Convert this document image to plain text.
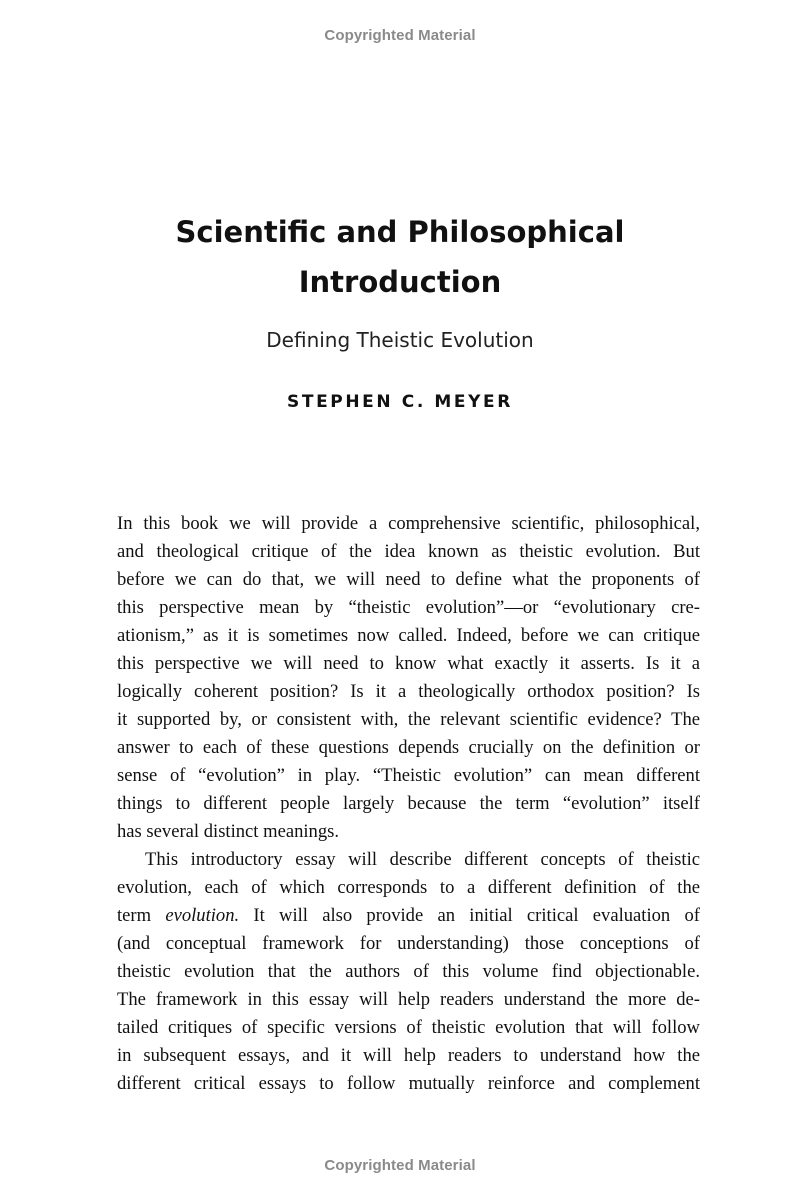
Copyrighted Material
Scientific and Philosophical
Introduction
Defining Theistic Evolution
STEPHEN C. MEYER
In this book we will provide a comprehensive scientific, philosophical,
and theological critique of the idea known as theistic evolution. But
before we can do that, we will need to define what the proponents of
this perspective mean by “theistic evolution”—or “evolutionary cre-
ationism,” as it is sometimes now called. Indeed, before we can critique
this perspective we will need to know what exactly it asserts. Is it a
logically coherent position? Is it a theologically orthodox position? Is
it supported by, or consistent with, the relevant scientific evidence? The
answer to each of these questions depends crucially on the definition or
sense of “evolution” in play. “Theistic evolution” can mean different
things to different people largely because the term “evolution” itself
has several distinct meanings.
This introductory essay will describe different concepts of theistic
evolution, each of which corresponds to a different definition of the
term evolution. It will also provide an initial critical evaluation of
(and conceptual framework for understanding) those conceptions of
theistic evolution that the authors of this volume find objectionable.
The framework in this essay will help readers understand the more de-
tailed critiques of specific versions of theistic evolution that will follow
in subsequent essays, and it will help readers to understand how the
different critical essays to follow mutually reinforce and complement
Copyrighted Material
